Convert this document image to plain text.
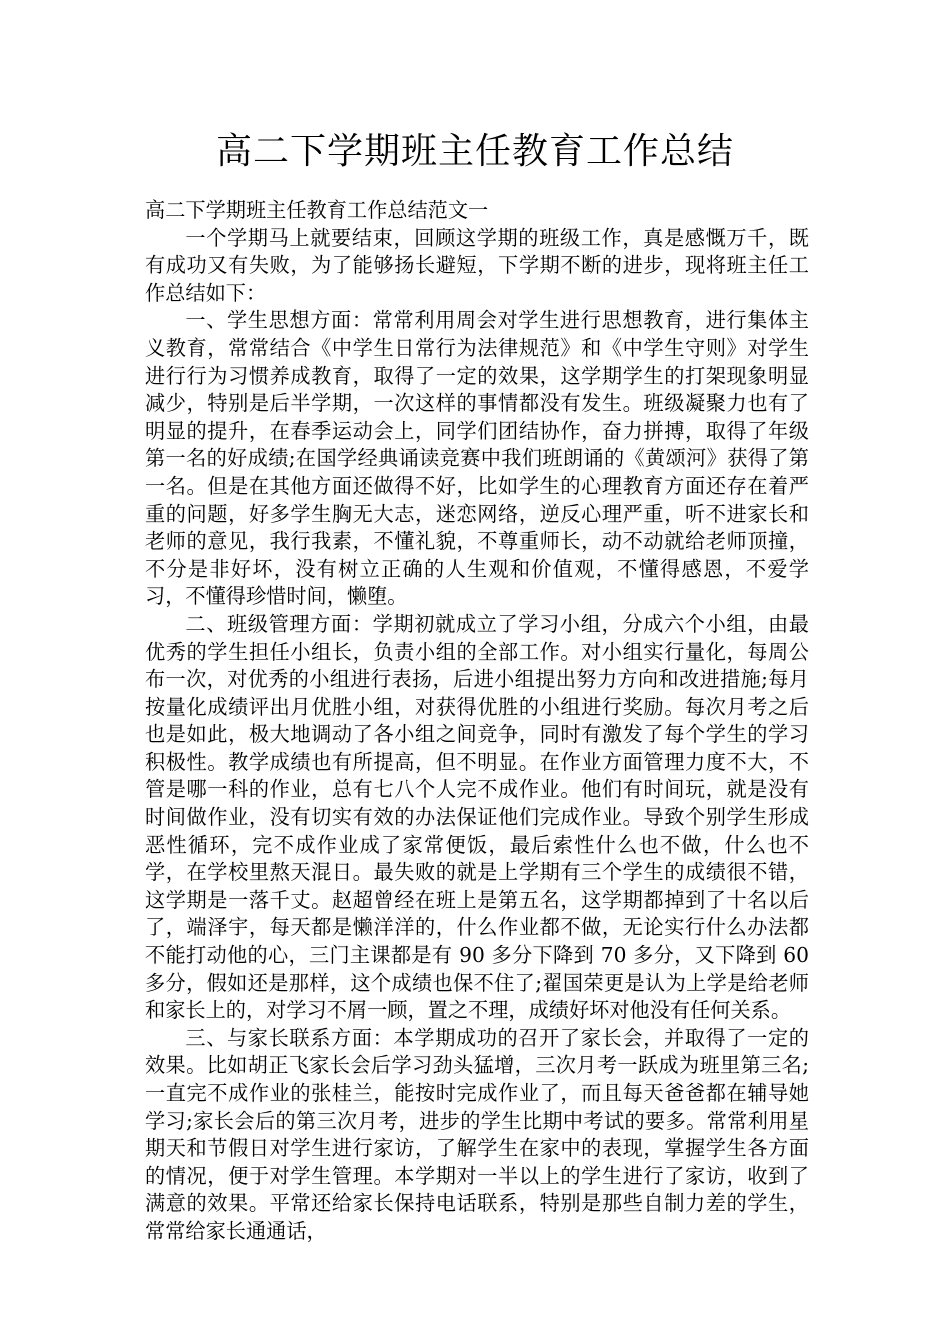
高二下学期班主任教育工作总结

高二下学期班主任教育工作总结范文一

一个学期马上就要结束，回顾这学期的班级工作，真是感慨万千，既有成功又有失败，为了能够扬长避短，下学期不断的进步，现将班主任工作总结如下：

一、学生思想方面：常常利用周会对学生进行思想教育，进行集体主义教育，常常结合《中学生日常行为法律规范》和《中学生守则》对学生进行行为习惯养成教育，取得了一定的效果，这学期学生的打架现象明显减少，特别是后半学期，一次这样的事情都没有发生。班级凝聚力也有了明显的提升，在春季运动会上，同学们团结协作，奋力拼搏，取得了年级第一名的好成绩;在国学经典诵读竞赛中我们班朗诵的《黄颂河》获得了第一名。但是在其他方面还做得不好，比如学生的心理教育方面还存在着严重的问题，好多学生胸无大志，迷恋网络，逆反心理严重，听不进家长和老师的意见，我行我素，不懂礼貌，不尊重师长，动不动就给老师顶撞，不分是非好坏，没有树立正确的人生观和价值观，不懂得感恩，不爱学习，不懂得珍惜时间，懒堕。

二、班级管理方面：学期初就成立了学习小组，分成六个小组，由最优秀的学生担任小组长，负责小组的全部工作。对小组实行量化，每周公布一次，对优秀的小组进行表扬，后进小组提出努力方向和改进措施;每月按量化成绩评出月优胜小组，对获得优胜的小组进行奖励。每次月考之后也是如此，极大地调动了各小组之间竞争，同时有激发了每个学生的学习积极性。教学成绩也有所提高，但不明显。在作业方面管理力度不大，不管是哪一科的作业，总有七八个人完不成作业。他们有时间玩，就是没有时间做作业，没有切实有效的办法保证他们完成作业。导致个别学生形成恶性循环，完不成作业成了家常便饭，最后索性什么也不做，什么也不学，在学校里熬天混日。最失败的就是上学期有三个学生的成绩很不错，这学期是一落千丈。赵超曾经在班上是第五名，这学期都掉到了十名以后了，端泽宇，每天都是懒洋洋的，什么作业都不做，无论实行什么办法都不能打动他的心，三门主课都是有 90 多分下降到 70 多分，又下降到 60 多分，假如还是那样，这个成绩也保不住了;翟国荣更是认为上学是给老师和家长上的，对学习不屑一顾，置之不理，成绩好坏对他没有任何关系。

三、与家长联系方面：本学期成功的召开了家长会，并取得了一定的效果。比如胡正飞家长会后学习劲头猛增，三次月考一跃成为班里第三名;一直完不成作业的张桂兰，能按时完成作业了，而且每天爸爸都在辅导她学习;家长会后的第三次月考，进步的学生比期中考试的要多。常常利用星期天和节假日对学生进行家访，了解学生在家中的表现，掌握学生各方面的情况，便于对学生管理。本学期对一半以上的学生进行了家访，收到了满意的效果。平常还给家长保持电话联系，特别是那些自制力差的学生，常常给家长通通话，
